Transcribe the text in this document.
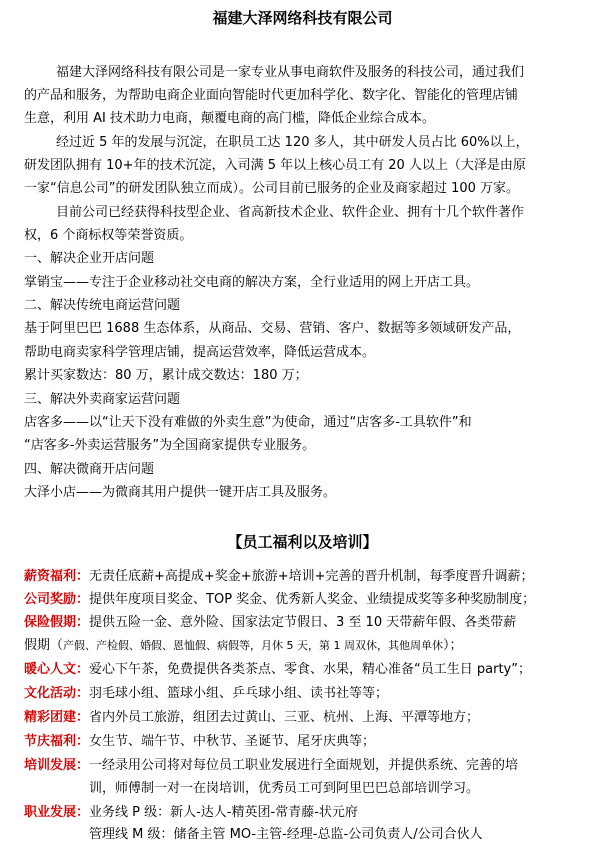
福建大泽网络科技有限公司
福建大泽网络科技有限公司是一家专业从事电商软件及服务的科技公司，通过我们
的产品和服务，为帮助电商企业面向智能时代更加科学化、数字化、智能化的管理店铺
生意，利用 AI 技术助力电商，颠覆电商的高门槛，降低企业综合成本。
经过近 5 年的发展与沉淀，在职员工达 120 多人，其中研发人员占比 60%以上，
研发团队拥有 10+年的技术沉淀，入司满 5 年以上核心员工有 20 人以上（大泽是由原
一家“信息公司”的研发团队独立而成）。公司目前已服务的企业及商家超过 100 万家。
目前公司已经获得科技型企业、省高新技术企业、软件企业、拥有十几个软件著作
权，6 个商标权等荣誉资质。
一、解决企业开店问题
掌销宝——专注于企业移动社交电商的解决方案，全行业适用的网上开店工具。
二、解决传统电商运营问题
基于阿里巴巴 1688 生态体系，从商品、交易、营销、客户、数据等多领域研发产品，
帮助电商卖家科学管理店铺，提高运营效率，降低运营成本。
累计买家数达：80 万，累计成交数达：180 万；
三、解决外卖商家运营问题
店客多——以“让天下没有难做的外卖生意”为使命，通过“店客多-工具软件”和
“店客多-外卖运营服务”为全国商家提供专业服务。
四、解决微商开店问题
大泽小店——为微商其用户提供一键开店工具及服务。
【员工福利以及培训】
薪资福利：无责任底薪+高提成+奖金+旅游+培训+完善的晋升机制，每季度晋升调薪；
公司奖励：提供年度项目奖金、TOP 奖金、优秀新人奖金、业绩提成奖等多种奖励制度；
保险假期：提供五险一金、意外险、国家法定节假日、3 至 10 天带薪年假、各类带薪
假期（产假、产检假、婚假、恩恤假、病假等，月休 5 天，第 1 周双休，其他周单休）；
暖心人文：爱心下午茶，免费提供各类茶点、零食、水果，精心准备“员工生日 party”；
文化活动：羽毛球小组、篮球小组、乒乓球小组、读书社等等；
精彩团建：省内外员工旅游，组团去过黄山、三亚、杭州、上海、平潭等地方；
节庆福利：女生节、端午节、中秋节、圣诞节、尾牙庆典等；
培训发展：一经录用公司将对每位员工职业发展进行全面规划，并提供系统、完善的培
训，师傅制一对一在岗培训，优秀员工可到阿里巴巴总部培训学习。
职业发展：业务线 P 级：新人-达人-精英团-常青藤-状元府
管理线 M 级：储备主管 MO-主管-经理-总监-公司负责人/公司合伙人
